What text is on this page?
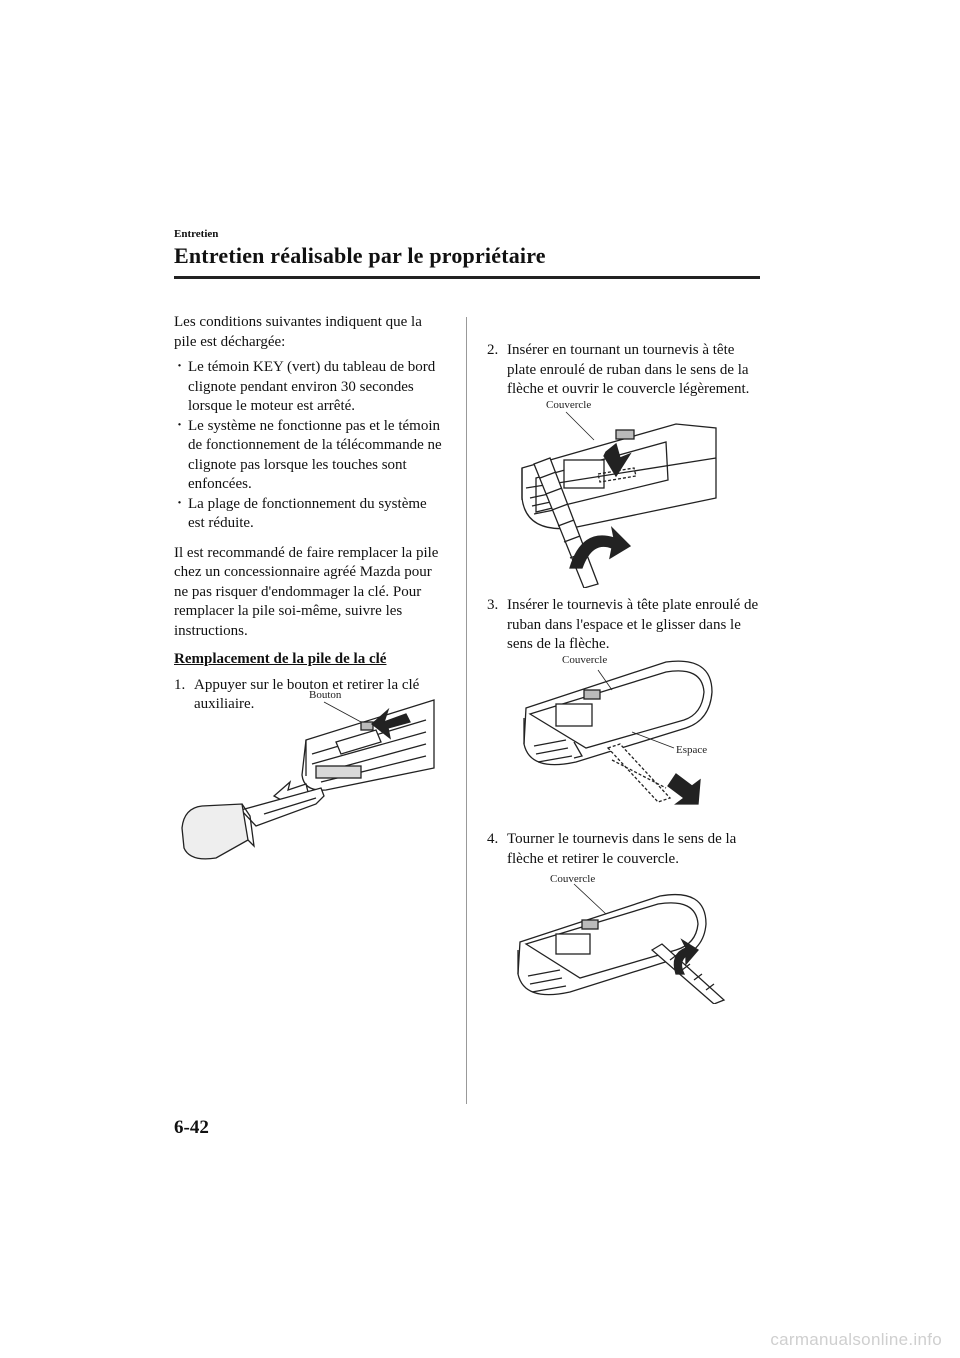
Entretien
Entretien réalisable par le propriétaire

Les conditions suivantes indiquent que la pile est déchargée:

· Le témoin KEY (vert) du tableau de bord clignote pendant environ 30 secondes lorsque le moteur est arrêté.
· Le système ne fonctionne pas et le témoin de fonctionnement de la télécommande ne clignote pas lorsque les touches sont enfoncées.
· La plage de fonctionnement du système est réduite.

Il est recommandé de faire remplacer la pile chez un concessionnaire agréé Mazda pour ne pas risquer d'endommager la clé. Pour remplacer la pile soi-même, suivre les instructions.

Remplacement de la pile de la clé

1. Appuyer sur le bouton et retirer la clé auxiliaire.

Bouton

2. Insérer en tournant un tournevis à tête plate enroulé de ruban dans le sens de la flèche et ouvrir le couvercle légèrement.

Couvercle

3. Insérer le tournevis à tête plate enroulé de ruban dans l'espace et le glisser dans le sens de la flèche.

Couvercle
Espace

4. Tourner le tournevis dans le sens de la flèche et retirer le couvercle.

Couvercle
6-42
carmanualsonline.info
